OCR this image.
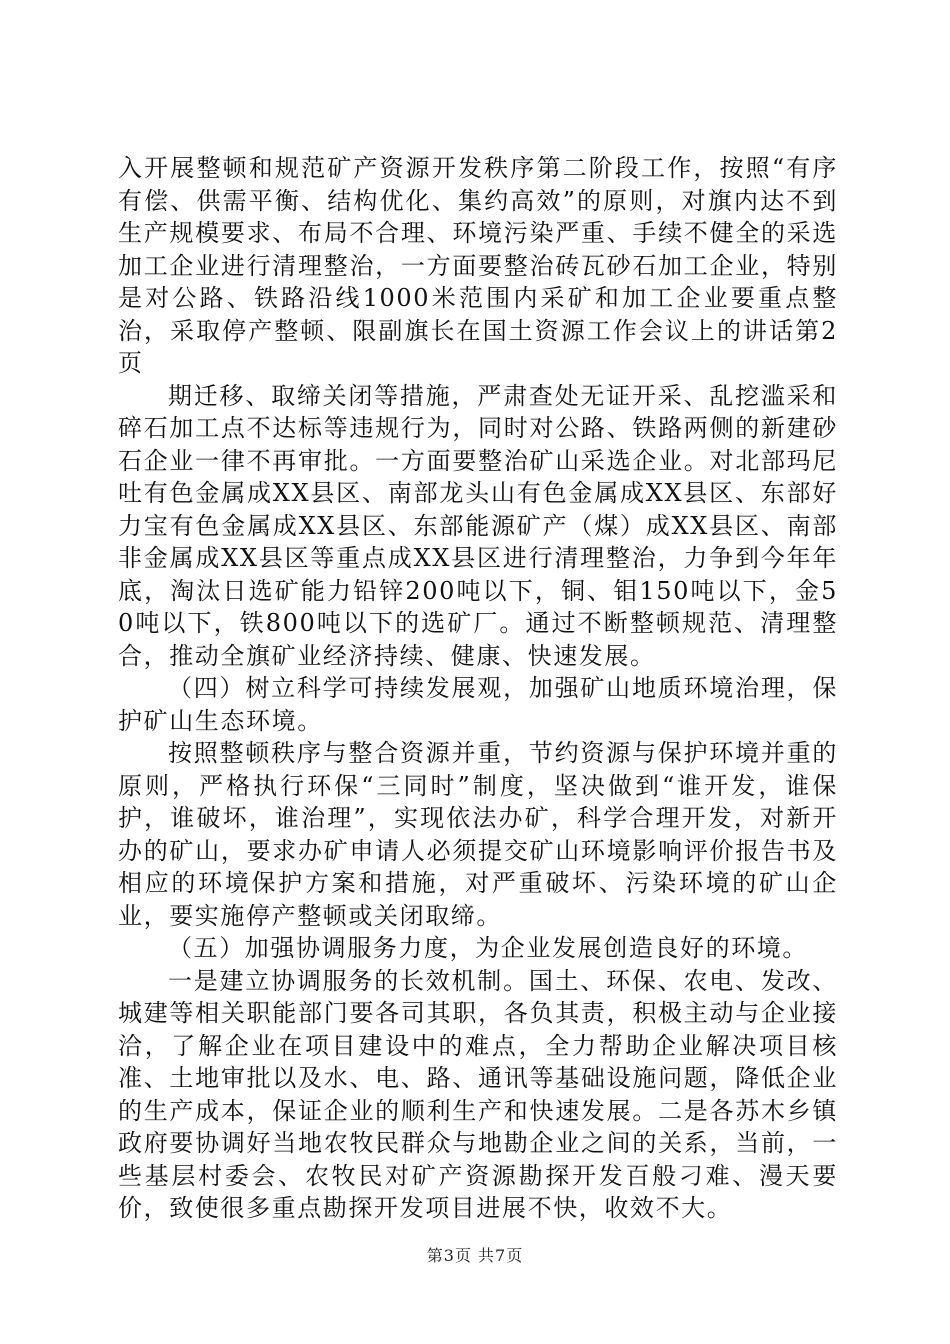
入开展整顿和规范矿产资源开发秩序第二阶段工作，按照“有序有偿、供需平衡、结构优化、集约高效”的原则，对旗内达不到生产规模要求、布局不合理、环境污染严重、手续不健全的采选加工企业进行清理整治，一方面要整治砖瓦砂石加工企业，特别是对公路、铁路沿线1000米范围内采矿和加工企业要重点整治，采取停产整顿、限副旗长在国土资源工作会议上的讲话第2页

期迁移、取缔关闭等措施，严肃查处无证开采、乱挖滥采和碎石加工点不达标等违规行为，同时对公路、铁路两侧的新建砂石企业一律不再审批。一方面要整治矿山采选企业。对北部玛尼吐有色金属成XX县区、南部龙头山有色金属成XX县区、东部好力宝有色金属成XX县区、东部能源矿产（煤）成XX县区、南部非金属成XX县区等重点成XX县区进行清理整治，力争到今年年底，淘汰日选矿能力铅锌200吨以下，铜、钼150吨以下，金50吨以下，铁800吨以下的选矿厂。通过不断整顿规范、清理整合，推动全旗矿业经济持续、健康、快速发展。

（四）树立科学可持续发展观，加强矿山地质环境治理，保护矿山生态环境。

按照整顿秩序与整合资源并重，节约资源与保护环境并重的原则，严格执行环保“三同时”制度，坚决做到“谁开发，谁保护，谁破坏，谁治理”，实现依法办矿，科学合理开发，对新开办的矿山，要求办矿申请人必须提交矿山环境影响评价报告书及相应的环境保护方案和措施，对严重破坏、污染环境的矿山企业，要实施停产整顿或关闭取缔。

（五）加强协调服务力度，为企业发展创造良好的环境。

一是建立协调服务的长效机制。国土、环保、农电、发改、城建等相关职能部门要各司其职，各负其责，积极主动与企业接洽，了解企业在项目建设中的难点，全力帮助企业解决项目核准、土地审批以及水、电、路、通讯等基础设施问题，降低企业的生产成本，保证企业的顺利生产和快速发展。二是各苏木乡镇政府要协调好当地农牧民群众与地勘企业之间的关系，当前，一些基层村委会、农牧民对矿产资源勘探开发百般刁难、漫天要价，致使很多重点勘探开发项目进展不快，收效不大。

第3页 共7页
